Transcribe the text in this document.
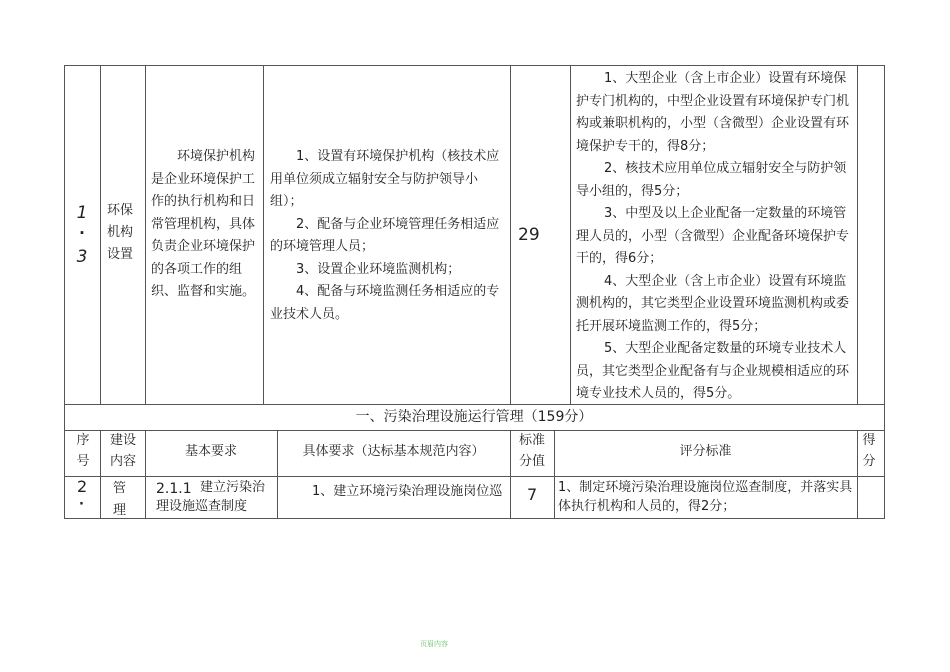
1
·
3
环保机构设置
环境保护机构是企业环境保护工作的执行机构和日常管理机构，具体负责企业环境保护的各项工作的组织、监督和实施。
1、设置有环境保护机构（核技术应用单位须成立辐射安全与防护领导小组）；
2、配备与企业环境管理任务相适应的环境管理人员；
3、设置企业环境监测机构；
4、配备与环境监测任务相适应的专业技术人员。
29
1、大型企业（含上市企业）设置有环境保护专门机构的，中型企业设置有环境保护专门机构或兼职机构的，小型（含微型）企业设置有环境保护专干的，得8分；
2、核技术应用单位成立辐射安全与防护领导小组的，得5分；
3、中型及以上企业配备一定数量的环境管理人员的，小型（含微型）企业配备环境保护专干的，得6分；
4、大型企业（含上市企业）设置有环境监测机构的，其它类型企业设置环境监测机构或委托开展环境监测工作的，得5分；
5、大型企业配备定数量的环境专业技术人员，其它类型企业配备有与企业规模相适应的环境专业技术人员的，得5分。
一、污染治理设施运行管理（159分）
序号
建设内容
基本要求	具体要求（达标基本规范内容）
标准分值
评分标准
得分
2
·
管理
2.1.1 建立污染治理设施巡查制度
1、建立环境污染治理设施岗位巡 7 1、制定环境污染治理设施岗位巡查制度，并落实具体执行机构和人员的，得2分；
页眉内容
